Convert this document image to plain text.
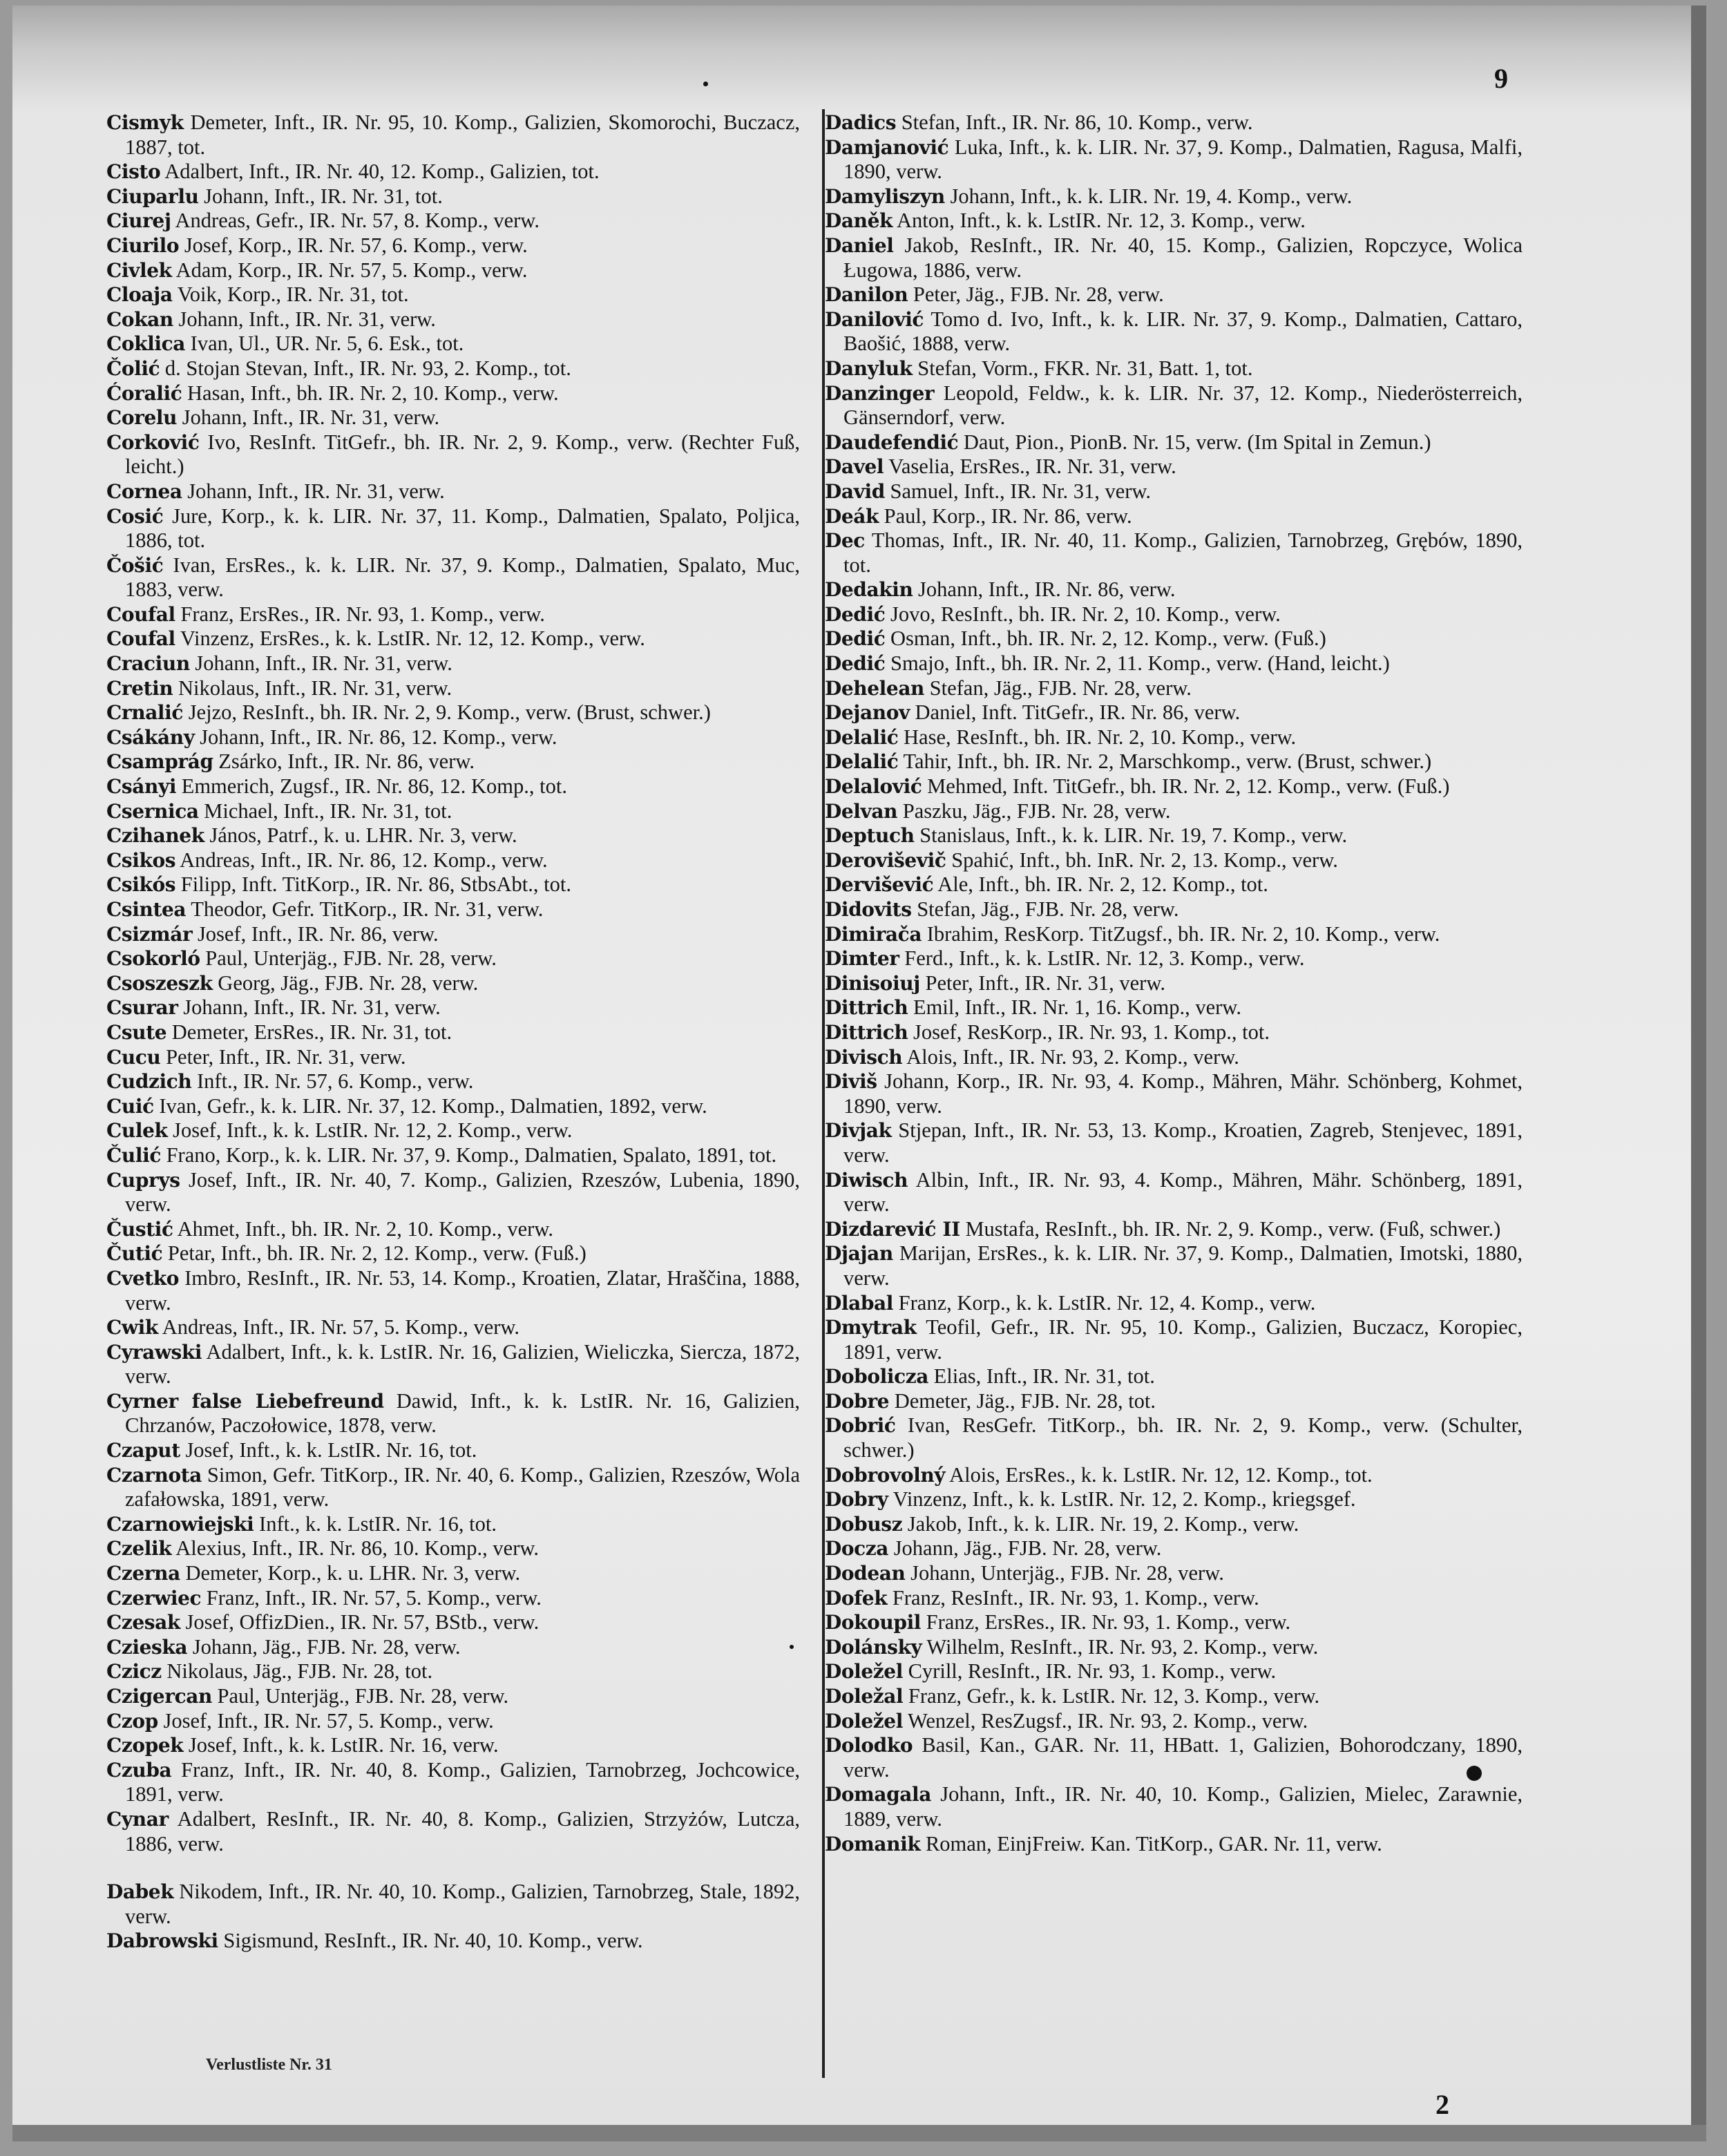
9

Cismyk Demeter, Inft., IR. Nr. 95, 10. Komp., Galizien, Skomorochi, Buczacz, 1887, tot.

Cisto Adalbert, Inft., IR. Nr. 40, 12. Komp., Galizien, tot.

Ciuparlu Johann, Inft., IR. Nr. 31, tot.

Ciurej Andreas, Gefr., IR. Nr. 57, 8. Komp., verw.

Ciurilo Josef, Korp., IR. Nr. 57, 6. Komp., verw.

Civlek Adam, Korp., IR. Nr. 57, 5. Komp., verw.

Cloaja Voik, Korp., IR. Nr. 31, tot.

Cokan Johann, Inft., IR. Nr. 31, verw.

Coklica Ivan, Ul., UR. Nr. 5, 6. Esk., tot.

Čolić d. Stojan Stevan, Inft., IR. Nr. 93, 2. Komp., tot.

Ćoralić Hasan, Inft., bh. IR. Nr. 2, 10. Komp., verw.

Corelu Johann, Inft., IR. Nr. 31, verw.

Corković Ivo, ResInft. TitGefr., bh. IR. Nr. 2, 9. Komp., verw. (Rechter Fuß, leicht.)

Cornea Johann, Inft., IR. Nr. 31, verw.

Cosić Jure, Korp., k. k. LIR. Nr. 37, 11. Komp., Dalmatien, Spalato, Poljica, 1886, tot.

Čošić Ivan, ErsRes., k. k. LIR. Nr. 37, 9. Komp., Dalmatien, Spalato, Muc, 1883, verw.

Coufal Franz, ErsRes., IR. Nr. 93, 1. Komp., verw.

Coufal Vinzenz, ErsRes., k. k. LstIR. Nr. 12, 12. Komp., verw.

Craciun Johann, Inft., IR. Nr. 31, verw.

Cretin Nikolaus, Inft., IR. Nr. 31, verw.

Crnalić Jejzo, ResInft., bh. IR. Nr. 2, 9. Komp., verw. (Brust, schwer.)

Csákány Johann, Inft., IR. Nr. 86, 12. Komp., verw.

Csamprág Zsárko, Inft., IR. Nr. 86, verw.

Csányi Emmerich, Zugsf., IR. Nr. 86, 12. Komp., tot.

Csernica Michael, Inft., IR. Nr. 31, tot.

Czihanek János, Patrf., k. u. LHR. Nr. 3, verw.

Csikos Andreas, Inft., IR. Nr. 86, 12. Komp., verw.

Csikós Filipp, Inft. TitKorp., IR. Nr. 86, StbsAbt., tot.

Csintea Theodor, Gefr. TitKorp., IR. Nr. 31, verw.

Csizmár Josef, Inft., IR. Nr. 86, verw.

Csokorló Paul, Unterjäg., FJB. Nr. 28, verw.

Csoszeszk Georg, Jäg., FJB. Nr. 28, verw.

Csurar Johann, Inft., IR. Nr. 31, verw.

Csute Demeter, ErsRes., IR. Nr. 31, tot.

Cucu Peter, Inft., IR. Nr. 31, verw.

Cudzich Inft., IR. Nr. 57, 6. Komp., verw.

Cuić Ivan, Gefr., k. k. LIR. Nr. 37, 12. Komp., Dalmatien, 1892, verw.

Culek Josef, Inft., k. k. LstIR. Nr. 12, 2. Komp., verw.

Čulić Frano, Korp., k. k. LIR. Nr. 37, 9. Komp., Dalmatien, Spalato, 1891, tot.

Cuprys Josef, Inft., IR. Nr. 40, 7. Komp., Galizien, Rzeszów, Lubenia, 1890, verw.

Čustić Ahmet, Inft., bh. IR. Nr. 2, 10. Komp., verw.

Čutić Petar, Inft., bh. IR. Nr. 2, 12. Komp., verw. (Fuß.)

Cvetko Imbro, ResInft., IR. Nr. 53, 14. Komp., Kroatien, Zlatar, Hraščina, 1888, verw.

Cwik Andreas, Inft., IR. Nr. 57, 5. Komp., verw.

Cyrawski Adalbert, Inft., k. k. LstIR. Nr. 16, Galizien, Wieliczka, Siercza, 1872, verw.

Cyrner false Liebefreund Dawid, Inft., k. k. LstIR. Nr. 16, Galizien, Chrzanów, Paczołowice, 1878, verw.

Czaput Josef, Inft., k. k. LstIR. Nr. 16, tot.

Czarnota Simon, Gefr. TitKorp., IR. Nr. 40, 6. Komp., Galizien, Rzeszów, Wola zafałowska, 1891, verw.

Czarnowiejski Inft., k. k. LstIR. Nr. 16, tot.

Czelik Alexius, Inft., IR. Nr. 86, 10. Komp., verw.

Czerna Demeter, Korp., k. u. LHR. Nr. 3, verw.

Czerwiec Franz, Inft., IR. Nr. 57, 5. Komp., verw.

Czesak Josef, OffizDien., IR. Nr. 57, BStb., verw.

Czieska Johann, Jäg., FJB. Nr. 28, verw.

Czicz Nikolaus, Jäg., FJB. Nr. 28, tot.

Czigercan Paul, Unterjäg., FJB. Nr. 28, verw.

Czop Josef, Inft., IR. Nr. 57, 5. Komp., verw.

Czopek Josef, Inft., k. k. LstIR. Nr. 16, verw.

Czuba Franz, Inft., IR. Nr. 40, 8. Komp., Galizien, Tarnobrzeg, Jochcowice, 1891, verw.

Cynar Adalbert, ResInft., IR. Nr. 40, 8. Komp., Galizien, Strzyżów, Lutcza, 1886, verw.

Dabek Nikodem, Inft., IR. Nr. 40, 10. Komp., Galizien, Tarnobrzeg, Stale, 1892, verw.

Dabrowski Sigismund, ResInft., IR. Nr. 40, 10. Komp., verw.

Dadics Stefan, Inft., IR. Nr. 86, 10. Komp., verw.

Damjanović Luka, Inft., k. k. LIR. Nr. 37, 9. Komp., Dalmatien, Ragusa, Malfi, 1890, verw.

Damyliszyn Johann, Inft., k. k. LIR. Nr. 19, 4. Komp., verw.

Daněk Anton, Inft., k. k. LstIR. Nr. 12, 3. Komp., verw.

Daniel Jakob, ResInft., IR. Nr. 40, 15. Komp., Galizien, Ropczyce, Wolica Ługowa, 1886, verw.

Danilon Peter, Jäg., FJB. Nr. 28, verw.

Danilović Tomo d. Ivo, Inft., k. k. LIR. Nr. 37, 9. Komp., Dalmatien, Cattaro, Baošić, 1888, verw.

Danyluk Stefan, Vorm., FKR. Nr. 31, Batt. 1, tot.

Danzinger Leopold, Feldw., k. k. LIR. Nr. 37, 12. Komp., Niederösterreich, Gänserndorf, verw.

Daudefendić Daut, Pion., PionB. Nr. 15, verw. (Im Spital in Zemun.)

Davel Vaselia, ErsRes., IR. Nr. 31, verw.

David Samuel, Inft., IR. Nr. 31, verw.

Deák Paul, Korp., IR. Nr. 86, verw.

Dec Thomas, Inft., IR. Nr. 40, 11. Komp., Galizien, Tarnobrzeg, Grębów, 1890, tot.

Dedakin Johann, Inft., IR. Nr. 86, verw.

Dedić Jovo, ResInft., bh. IR. Nr. 2, 10. Komp., verw.

Dedić Osman, Inft., bh. IR. Nr. 2, 12. Komp., verw. (Fuß.)

Dedić Smajo, Inft., bh. IR. Nr. 2, 11. Komp., verw. (Hand, leicht.)

Dehelean Stefan, Jäg., FJB. Nr. 28, verw.

Dejanov Daniel, Inft. TitGefr., IR. Nr. 86, verw.

Delalić Hase, ResInft., bh. IR. Nr. 2, 10. Komp., verw.

Delalić Tahir, Inft., bh. IR. Nr. 2, Marschkomp., verw. (Brust, schwer.)

Delalović Mehmed, Inft. TitGefr., bh. IR. Nr. 2, 12. Komp., verw. (Fuß.)

Delvan Paszku, Jäg., FJB. Nr. 28, verw.

Deptuch Stanislaus, Inft., k. k. LIR. Nr. 19, 7. Komp., verw.

Deroviševič Spahić, Inft., bh. InR. Nr. 2, 13. Komp., verw.

Dervišević Ale, Inft., bh. IR. Nr. 2, 12. Komp., tot.

Didovits Stefan, Jäg., FJB. Nr. 28, verw.

Dimirača Ibrahim, ResKorp. TitZugsf., bh. IR. Nr. 2, 10. Komp., verw.

Dimter Ferd., Inft., k. k. LstIR. Nr. 12, 3. Komp., verw.

Dinisoiuj Peter, Inft., IR. Nr. 31, verw.

Dittrich Emil, Inft., IR. Nr. 1, 16. Komp., verw.

Dittrich Josef, ResKorp., IR. Nr. 93, 1. Komp., tot.

Divisch Alois, Inft., IR. Nr. 93, 2. Komp., verw.

Diviš Johann, Korp., IR. Nr. 93, 4. Komp., Mähren, Mähr. Schönberg, Kohmet, 1890, verw.

Divjak Stjepan, Inft., IR. Nr. 53, 13. Komp., Kroatien, Zagreb, Stenjevec, 1891, verw.

Diwisch Albin, Inft., IR. Nr. 93, 4. Komp., Mähren, Mähr. Schönberg, 1891, verw.

Dizdarević II Mustafa, ResInft., bh. IR. Nr. 2, 9. Komp., verw. (Fuß, schwer.)

Djajan Marijan, ErsRes., k. k. LIR. Nr. 37, 9. Komp., Dalmatien, Imotski, 1880, verw.

Dlabal Franz, Korp., k. k. LstIR. Nr. 12, 4. Komp., verw.

Dmytrak Teofil, Gefr., IR. Nr. 95, 10. Komp., Galizien, Buczacz, Koropiec, 1891, verw.

Dobolicza Elias, Inft., IR. Nr. 31, tot.

Dobre Demeter, Jäg., FJB. Nr. 28, tot.

Dobrić Ivan, ResGefr. TitKorp., bh. IR. Nr. 2, 9. Komp., verw. (Schulter, schwer.)

Dobrovolný Alois, ErsRes., k. k. LstIR. Nr. 12, 12. Komp., tot.

Dobry Vinzenz, Inft., k. k. LstIR. Nr. 12, 2. Komp., kriegsgef.

Dobusz Jakob, Inft., k. k. LIR. Nr. 19, 2. Komp., verw.

Docza Johann, Jäg., FJB. Nr. 28, verw.

Dodean Johann, Unterjäg., FJB. Nr. 28, verw.

Dofek Franz, ResInft., IR. Nr. 93, 1. Komp., verw.

Dokoupil Franz, ErsRes., IR. Nr. 93, 1. Komp., verw.

Dolánsky Wilhelm, ResInft., IR. Nr. 93, 2. Komp., verw.

Doležel Cyrill, ResInft., IR. Nr. 93, 1. Komp., verw.

Doležal Franz, Gefr., k. k. LstIR. Nr. 12, 3. Komp., verw.

Doležel Wenzel, ResZugsf., IR. Nr. 93, 2. Komp., verw.

Dolodko Basil, Kan., GAR. Nr. 11, HBatt. 1, Galizien, Bohorodczany, 1890, verw.

Domagala Johann, Inft., IR. Nr. 40, 10. Komp., Galizien, Mielec, Zarawnie, 1889, verw.

Domanik Roman, EinjFreiw. Kan. TitKorp., GAR. Nr. 11, verw.

Verlustliste Nr. 31
2
